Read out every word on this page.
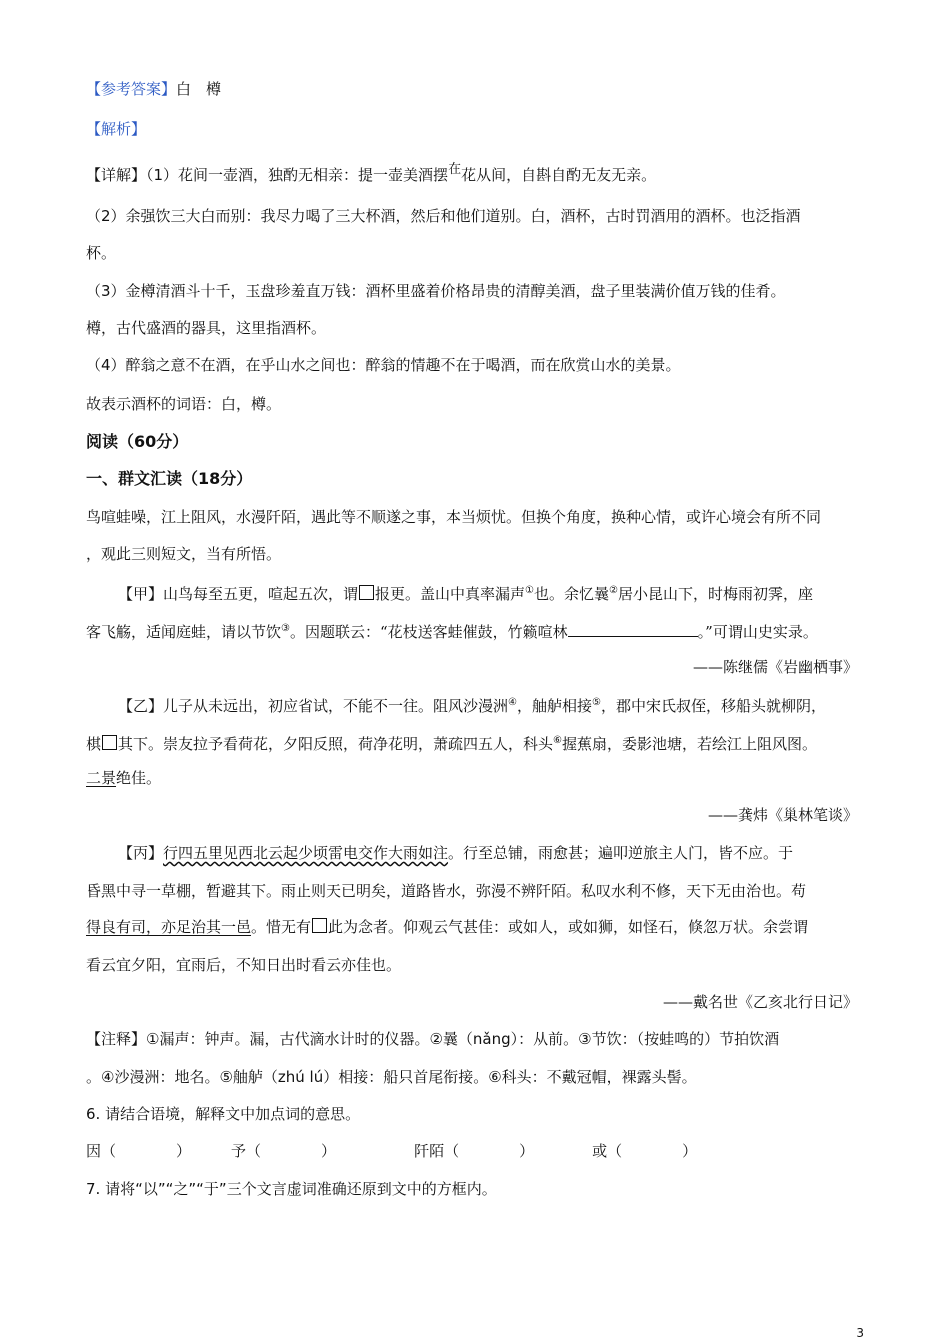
【参考答案】白　樽
【解析】
【详解】（1）花间一壶酒，独酌无相亲：提一壶美酒摆在花从间，自斟自酌无友无亲。
（2）余强饮三大白而别：我尽力喝了三大杯酒，然后和他们道别。白，酒杯，古时罚酒用的酒杯。也泛指酒
杯。
（3）金樽清酒斗十千，玉盘珍羞直万钱：酒杯里盛着价格昂贵的清醇美酒，盘子里装满价值万钱的佳肴。
樽，古代盛酒的器具，这里指酒杯。
（4）醉翁之意不在酒，在乎山水之间也：醉翁的情趣不在于喝酒，而在欣赏山水的美景。
故表示酒杯的词语：白，樽。
阅读（60分）
一、群文汇读（18分）
鸟喧蛙噪，江上阻风，水漫阡陌，遇此等不顺遂之事，本当烦忧。但换个角度，换种心情，或许心境会有所不同
，观此三则短文，当有所悟。
【甲】山鸟每至五更，喧起五次，谓 报更。盖山中真率漏声①也。余忆曩②居小昆山下，时梅雨初霁，座
客飞觞，适闻庭蛙，请以节饮③。因题联云：“花枝送客蛙催鼓，竹籁喧林	。”可谓山史实录。
——陈继儒《岩幽栖事》
【乙】儿子从未远出，初应省试，不能不一往。阻风沙漫洲④，舳舻相接⑤，郡中宋氏叔侄，移船头就柳阴，
棋 其下。崇友拉予看荷花，夕阳反照，荷净花明，萧疏四五人，科头⑥握蕉扇，委影池塘，若绘江上阻风图。
二景绝佳。
——龚炜《巢林笔谈》
【丙】行四五里见西北云起少顷雷电交作大雨如注。行至总铺，雨愈甚；遍叩逆旅主人门，皆不应。于
昏黑中寻一草棚，暂避其下。雨止则天已明矣，道路皆水，弥漫不辨阡陌。私叹水利不修，天下无由治也。苟
得良有司，亦足治其一邑。惜无有 此为念者。仰观云气甚佳：或如人，或如狮，如怪石，倏忽万状。余尝谓
看云宜夕阳，宜雨后，不知日出时看云亦佳也。
——戴名世《乙亥北行日记》
【注释】①漏声：钟声。漏，古代滴水计时的仪器。②曩（nǎng）：从前。③节饮：（按蛙鸣的）节拍饮酒
。④沙漫洲：地名。⑤舳舻（zhú lú）相接：船只首尾衔接。⑥科头：不戴冠帽，裸露头髻。
6. 请结合语境，解释文中加点词的意思。
因（	）	予（	）	阡陌（	）	或（	）
7. 请将“以”“之”“于”三个文言虚词准确还原到文中的方框内。
3
